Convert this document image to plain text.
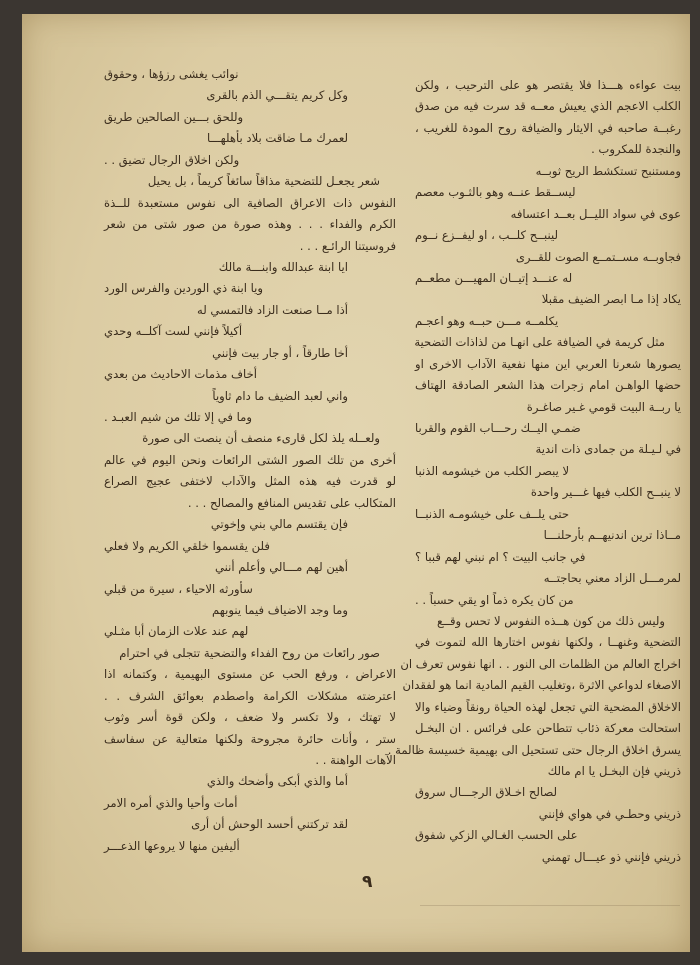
بيت عواءه هـــذا فلا يقتصر هو على الترحيب ، ولكن
الكلب الاعجم الذي يعيش معــه قد سرت فيه من صدق
رغبــة صاحبه في الايثار والضيافة روح المودة للغريب ،
والنجدة للمكروب .
ومستنبح تستكشط الريح ثوبــه
ليســقط عنــه وهو بالثـوب معصم
عوى في سواد الليــل بعــد اعتسافه
لينبــح كلــب ، او ليفــزع نــوم
فجاوبــه مســتمــع الصوت للقــرى
له عنـــد إتيــان المهيـــن مطعــم
يكاد إذا مـا ابصر الضيف مقبلا
يكلمــه مـــن حبــه وهو اعجـم
مثل كريمة في الضيافة على انهـا من لذاذات التضحية
يصورها شعرنا العربي اين منها نفعية الآداب الاخرى او
حضها الواهـن امام زجرات هذا الشعر الصادقة الهتاف
يا ربــة البيت قومي غـير صاغـرة
ضمـي اليــك رحـــاب القوم والقربا
في لـيـلة من جمادى ذات اندية
لا يبصر الكلب من خيشومه الذنبا
لا ينبــح الكلب فيها غـــير واحدة
حتى يلــف على خيشومـه الذنبــا
مــاذا ترين اندنيهــم بأرحلنـــا
في جانب البيت ؟ ام نبني لهم قببا ؟
لمرمـــل الزاد معني بحاجتــه
من كان يكره ذماً او يقي حسباً . .
وليس ذلك من كون هــذه النفوس لا تحس وقــع
التضحية وغنهــا ، ولكنها نفوس اختارها الله لتموت في
اخراج العالم من الظلمات الى النور . . انها نفوس تعرف ان
الاصغاء لدواعي الاثرة ،وتغليب القيم المادية انما هو لفقدان
الاخلاق المضحية التي تجعل لهذه الحياة رونقاً وضياء والا
استحالت معركة ذئاب تتطاحن على فرائس . ان البخـل
يسرق اخلاق الرجال حتى تستحيل الى بهيمية خسيسة ظالمة .
ذريني فإن البخـل يا ام مالك
لصالح اخـلاق الرجـــال سروق
ذريني وحطـي في هواي فإنني
على الحسب الغـالي الزكي شفوق
ذريني فإنني ذو عيـــال تهمني
نوائب يغشى رزؤها ، وحقوق
وكل كريم يتقـــي الذم بالقرى
وللحق بـــين الصالحين طريق
لعمرك مـا ضاقت بلاد بأهلهـــا
ولكن اخلاق الرجال تضيق . .
شعر يجعـل للتضحية مذاقاً سائغاً كريماً ، بل يحيل
النفوس ذات الاعراق الصافية الى نفوس مستعبدة للــذة
الكرم والفداء . . . وهذه صورة من صور شتى من شعر
فروسيتنا الرائـع . . .
ايا ابنة عبدالله وابنـــة مالك
ويا ابنة ذي الوردين والفرس الورد
أذا مــا صنعت الزاد فالتمسي له
أكيلاً فإنني لست آكلــه وحدي
أخا طارقاً ، أو جار بيت فإنني
أخاف مذمات الاحاديث من بعدي
واني لعبد الضيف ما دام ثاوياً
وما في إلا تلك من شيم العبـد .
ولعــله يلذ لكل قارىء منصف أن ينصت الى صورة
أخرى من تلك الصور الشتى الرائعات ونحن اليوم في عالم
لو قدرت فيه هذه المثل والآداب لاختفى عجيج الصراع
المتكالب على تقديس المنافع والمصالح . . .
فإن يقتسم مالي بني وإخوتي
فلن يقسموا خلقي الكريم ولا فعلي
أهين لهم مـــالي وأعلم أنني
سأورثه الاحياء ، سيرة من قبلي
وما وجد الاضياف فيما ينوبهم
لهم عند علات الزمان أبا مثـلي
صور رائعات من روح الفداء والتضحية تتجلى في احترام
الاعراض ، ورفع الحب عن مستوى البهيمية ، وكتمانه اذا
اعترضته مشكلات الكرامة واصطدم بعوائق الشرف . .
لا تهتك ، ولا تكسر ولا ضعف ، ولكن قوة أسر وثوب
ستر ، وأنات حائرة مجروحة ولكنها متعالية عن سفاسف
الآهات الواهنة . .
أما والذي أبكى وأضحك والذي
أمات وأحيا والذي أمره الامر
لقد تركتني أحسد الوحش أن أرى
أليفين منها لا يروعها الذعـــر
٩
